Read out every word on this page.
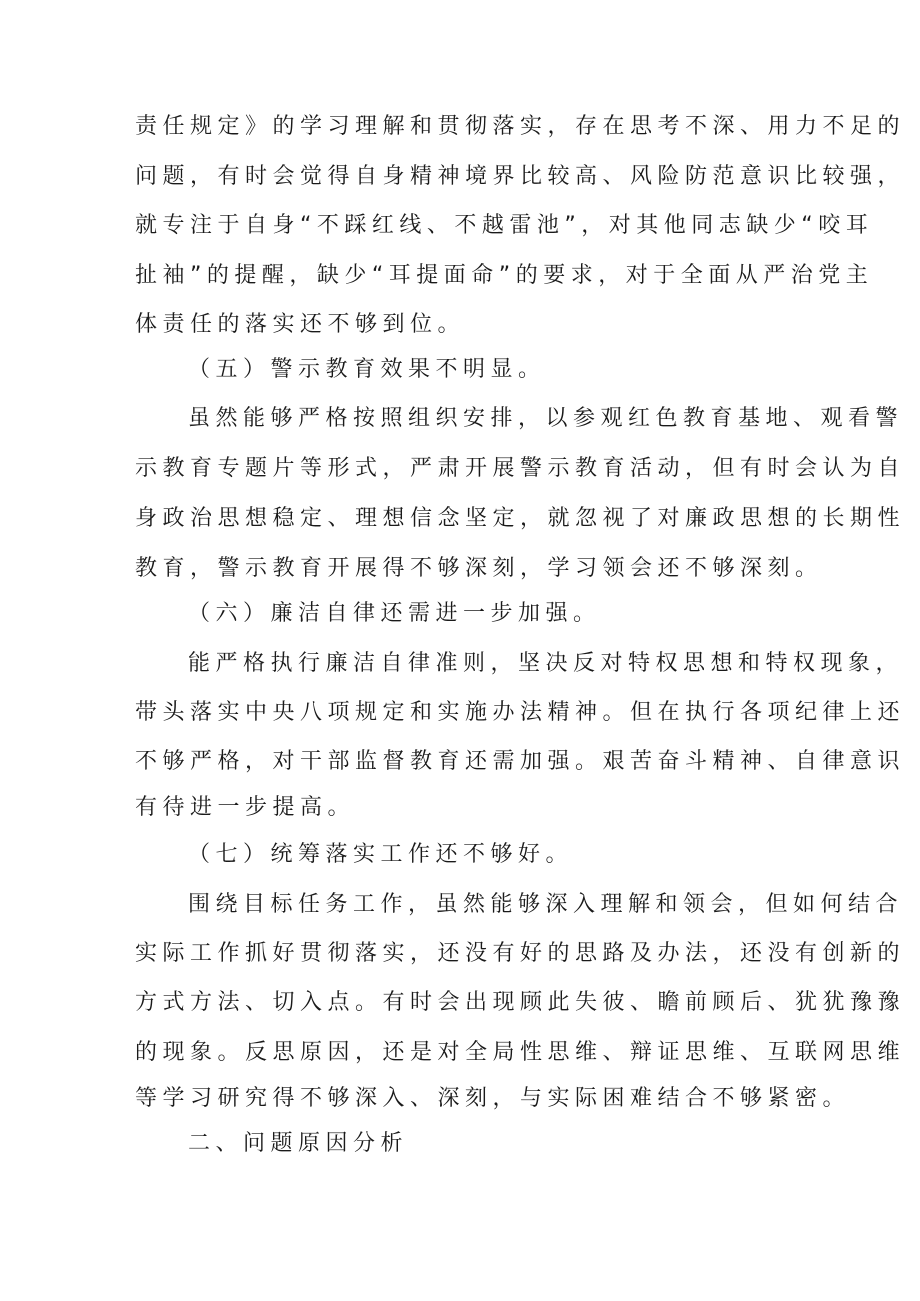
责任规定》的学习理解和贯彻落实，存在思考不深、用力不足的
问题，有时会觉得自身精神境界比较高、风险防范意识比较强，
就专注于自身“不踩红线、不越雷池”，对其他同志缺少“咬耳
扯袖”的提醒，缺少“耳提面命”的要求，对于全面从严治党主
体责任的落实还不够到位。
（五）警示教育效果不明显。
虽然能够严格按照组织安排，以参观红色教育基地、观看警
示教育专题片等形式，严肃开展警示教育活动，但有时会认为自
身政治思想稳定、理想信念坚定，就忽视了对廉政思想的长期性
教育，警示教育开展得不够深刻，学习领会还不够深刻。
（六）廉洁自律还需进一步加强。
能严格执行廉洁自律准则，坚决反对特权思想和特权现象，
带头落实中央八项规定和实施办法精神。但在执行各项纪律上还
不够严格，对干部监督教育还需加强。艰苦奋斗精神、自律意识
有待进一步提高。
（七）统筹落实工作还不够好。
围绕目标任务工作，虽然能够深入理解和领会，但如何结合
实际工作抓好贯彻落实，还没有好的思路及办法，还没有创新的
方式方法、切入点。有时会出现顾此失彼、瞻前顾后、犹犹豫豫
的现象。反思原因，还是对全局性思维、辩证思维、互联网思维
等学习研究得不够深入、深刻，与实际困难结合不够紧密。
二、问题原因分析
